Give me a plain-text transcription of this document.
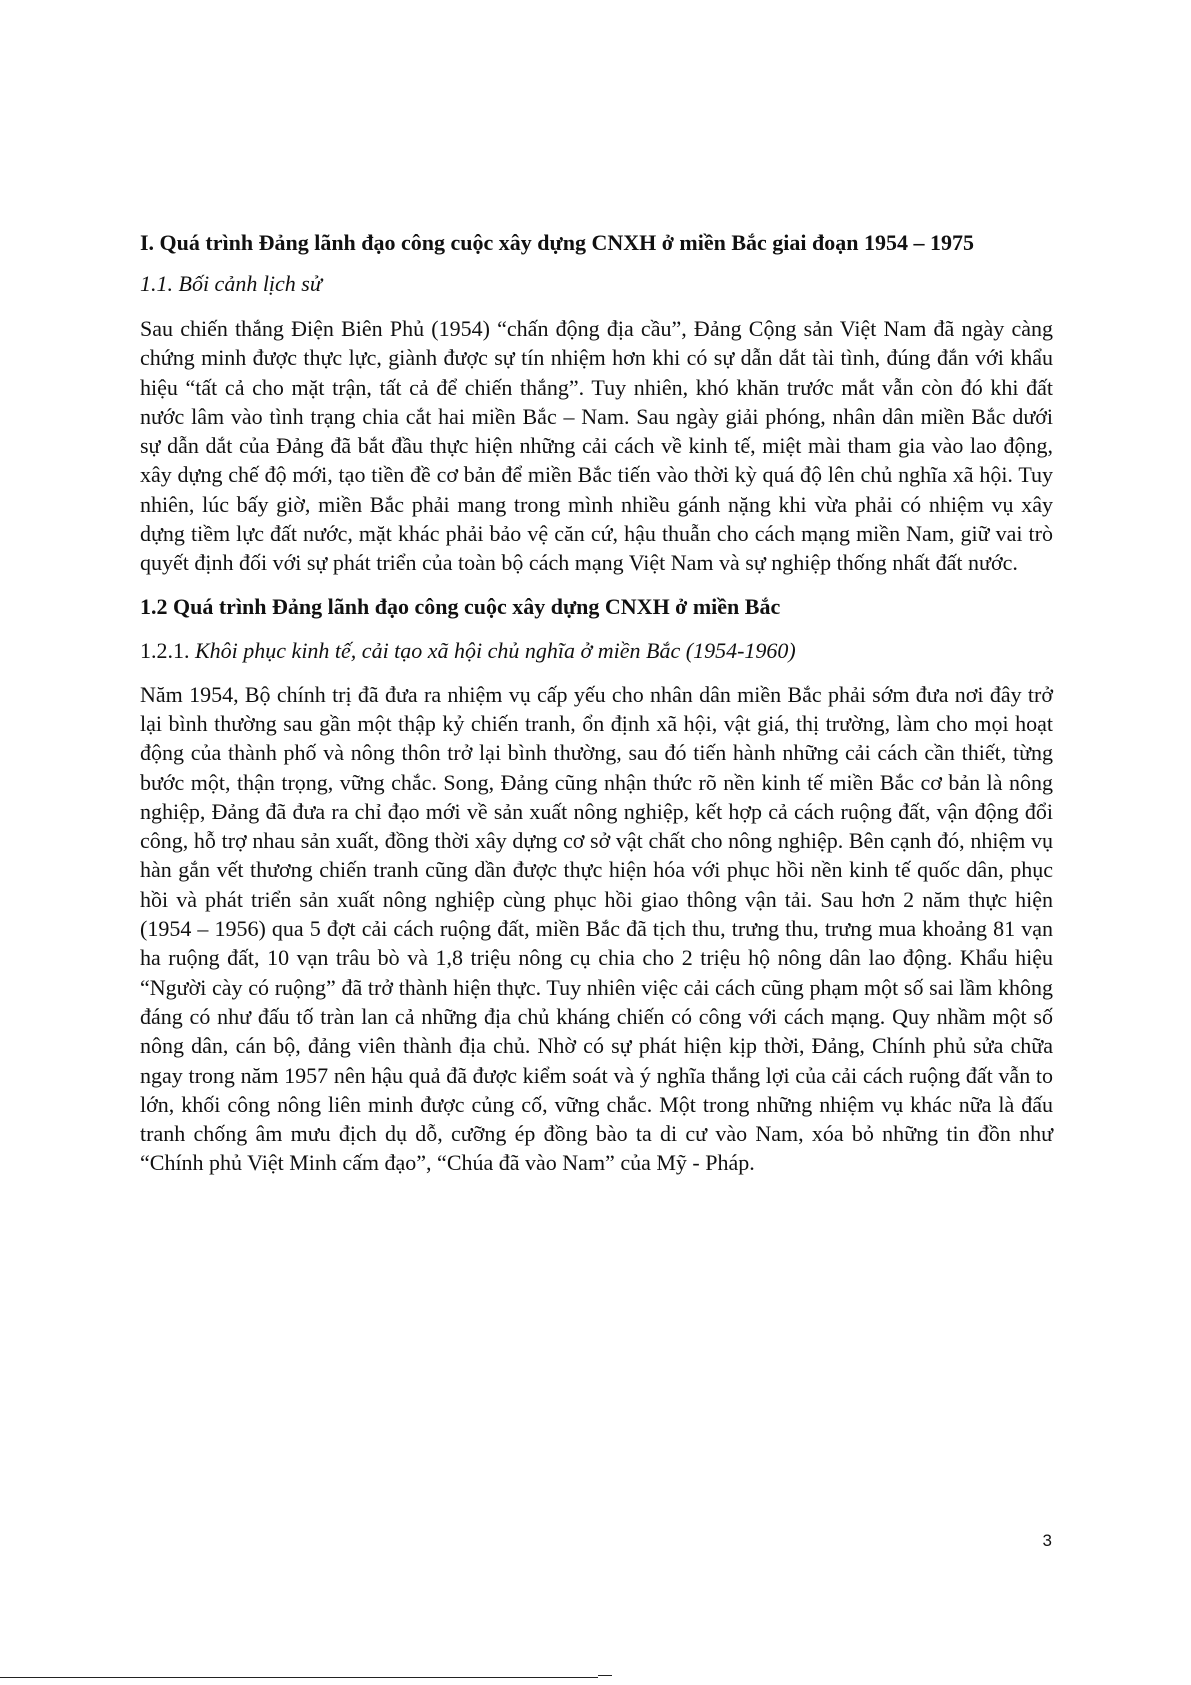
I. Quá trình Đảng lãnh đạo công cuộc xây dựng CNXH ở miền Bắc giai đoạn 1954 – 1975
1.1. Bối cảnh lịch sử

Sau chiến thắng Điện Biên Phủ (1954) “chấn động địa cầu”, Đảng Cộng sản Việt Nam đã ngày càng chứng minh được thực lực, giành được sự tín nhiệm hơn khi có sự dẫn dắt tài tình, đúng đắn với khẩu hiệu “tất cả cho mặt trận, tất cả để chiến thắng”. Tuy nhiên, khó khăn trước mắt vẫn còn đó khi đất nước lâm vào tình trạng chia cắt hai miền Bắc – Nam. Sau ngày giải phóng, nhân dân miền Bắc dưới sự dẫn dắt của Đảng đã bắt đầu thực hiện những cải cách về kinh tế, miệt mài tham gia vào lao động, xây dựng chế độ mới, tạo tiền đề cơ bản để miền Bắc tiến vào thời kỳ quá độ lên chủ nghĩa xã hội. Tuy nhiên, lúc bấy giờ, miền Bắc phải mang trong mình nhiều gánh nặng khi vừa phải có nhiệm vụ xây dựng tiềm lực đất nước, mặt khác phải bảo vệ căn cứ, hậu thuẫn cho cách mạng miền Nam, giữ vai trò quyết định đối với sự phát triển của toàn bộ cách mạng Việt Nam và sự nghiệp thống nhất đất nước.

1.2 Quá trình Đảng lãnh đạo công cuộc xây dựng CNXH ở miền Bắc
1.2.1. Khôi phục kinh tế, cải tạo xã hội chủ nghĩa ở miền Bắc (1954-1960)

Năm 1954, Bộ chính trị đã đưa ra nhiệm vụ cấp yếu cho nhân dân miền Bắc phải sớm đưa nơi đây trở lại bình thường sau gần một thập kỷ chiến tranh, ổn định xã hội, vật giá, thị trường, làm cho mọi hoạt động của thành phố và nông thôn trở lại bình thường, sau đó tiến hành những cải cách cần thiết, từng bước một, thận trọng, vững chắc. Song, Đảng cũng nhận thức rõ nền kinh tế miền Bắc cơ bản là nông nghiệp, Đảng đã đưa ra chỉ đạo mới về sản xuất nông nghiệp, kết hợp cả cách ruộng đất, vận động đổi công, hỗ trợ nhau sản xuất, đồng thời xây dựng cơ sở vật chất cho nông nghiệp. Bên cạnh đó, nhiệm vụ hàn gắn vết thương chiến tranh cũng dần được thực hiện hóa với phục hồi nền kinh tế quốc dân, phục hồi và phát triển sản xuất nông nghiệp cùng phục hồi giao thông vận tải. Sau hơn 2 năm thực hiện (1954 – 1956) qua 5 đợt cải cách ruộng đất, miền Bắc đã tịch thu, trưng thu, trưng mua khoảng 81 vạn ha ruộng đất, 10 vạn trâu bò và 1,8 triệu nông cụ chia cho 2 triệu hộ nông dân lao động. Khẩu hiệu “Người cày có ruộng” đã trở thành hiện thực. Tuy nhiên việc cải cách cũng phạm một số sai lầm không đáng có như đấu tố tràn lan cả những địa chủ kháng chiến có công với cách mạng. Quy nhầm một số nông dân, cán bộ, đảng viên thành địa chủ. Nhờ có sự phát hiện kịp thời, Đảng, Chính phủ sửa chữa ngay trong năm 1957 nên hậu quả đã được kiểm soát và ý nghĩa thắng lợi của cải cách ruộng đất vẫn to lớn, khối công nông liên minh được củng cố, vững chắc. Một trong những nhiệm vụ khác nữa là đấu tranh chống âm mưu địch dụ dỗ, cưỡng ép đồng bào ta di cư vào Nam, xóa bỏ những tin đồn như “Chính phủ Việt Minh cấm đạo”, “Chúa đã vào Nam” của Mỹ - Pháp.

3
